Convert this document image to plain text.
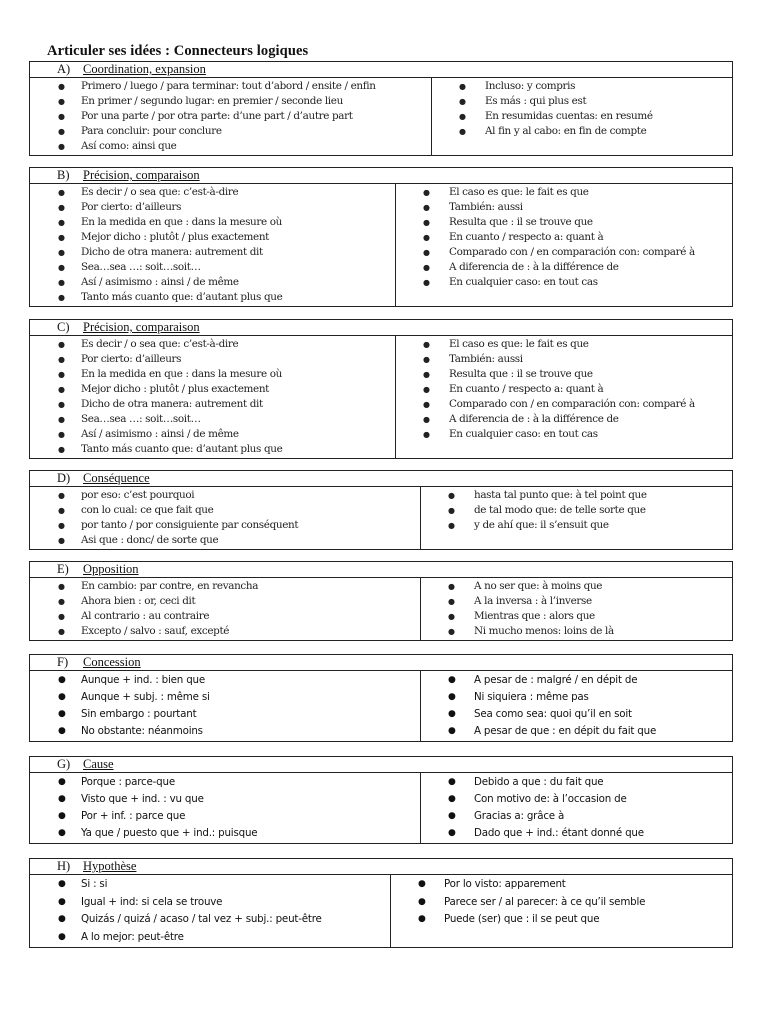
Articuler ses idées : Connecteurs logiques
A) Coordination, expansion
● Primero / luego / para terminar: tout d’abord / ensite / enfin
● En primer / segundo lugar: en premier / seconde lieu
● Por una parte / por otra parte: d’une part / d’autre part
● Para concluir: pour conclure
● Así como: ainsi que
● Incluso: y compris
● Es más : qui plus est
● En resumidas cuentas: en resumé
● Al fin y al cabo: en fin de compte
B) Précision, comparaison
● Es decir / o sea que: c’est-à-dire
● Por cierto: d’ailleurs
● En la medida en que : dans la mesure où
● Mejor dicho : plutôt / plus exactement
● Dicho de otra manera: autrement dit
● Sea…sea …: soit…soit…
● Así / asimismo : ainsi / de même
● Tanto más cuanto que: d’autant plus que
● El caso es que: le fait es que
● También: aussi
● Resulta que : il se trouve que
● En cuanto / respecto a: quant à
● Comparado con / en comparación con: comparé à
● A diferencia de : à la différence de
● En cualquier caso: en tout cas
C) Précision, comparaison
● Es decir / o sea que: c’est-à-dire
● Por cierto: d’ailleurs
● En la medida en que : dans la mesure où
● Mejor dicho : plutôt / plus exactement
● Dicho de otra manera: autrement dit
● Sea…sea …: soit…soit…
● Así / asimismo : ainsi / de même
● Tanto más cuanto que: d’autant plus que
● El caso es que: le fait es que
● También: aussi
● Resulta que : il se trouve que
● En cuanto / respecto a: quant à
● Comparado con / en comparación con: comparé à
● A diferencia de : à la différence de
● En cualquier caso: en tout cas
D) Conséquence
● por eso: c’est pourquoi
● con lo cual: ce que fait que
● por tanto / por consiguiente par conséquent
● Asi que : donc/ de sorte que
● hasta tal punto que: à tel point que
● de tal modo que: de telle sorte que
● y de ahí que: il s’ensuit que
E) Opposition
● En cambio: par contre, en revancha
● Ahora bien : or, ceci dit
● Al contrario : au contraire
● Excepto / salvo : sauf, excepté
● A no ser que: à moins que
● A la inversa : à l’inverse
● Mientras que : alors que
● Ni mucho menos: loins de là
F) Concession
● Aunque + ind. : bien que
● Aunque + subj. : même si
● Sin embargo : pourtant
● No obstante: néanmoins
● A pesar de : malgré / en dépit de
● Ni siquiera : même pas
● Sea como sea: quoi qu’il en soit
● A pesar de que : en dépit du fait que
G) Cause
● Porque : parce-que
● Visto que + ind. : vu que
● Por + inf. : parce que
● Ya que / puesto que + ind.: puisque
● Debido a que : du fait que
● Con motivo de: à l’occasion de
● Gracias a: grâce à
● Dado que + ind.: étant donné que
H) Hypothèse
● Si : si
● Igual + ind: si cela se trouve
● Quizás / quizá / acaso / tal vez + subj.: peut-être
● A lo mejor: peut-être
● Por lo visto: apparement
● Parece ser / al parecer: à ce qu’il semble
● Puede (ser) que : il se peut que
